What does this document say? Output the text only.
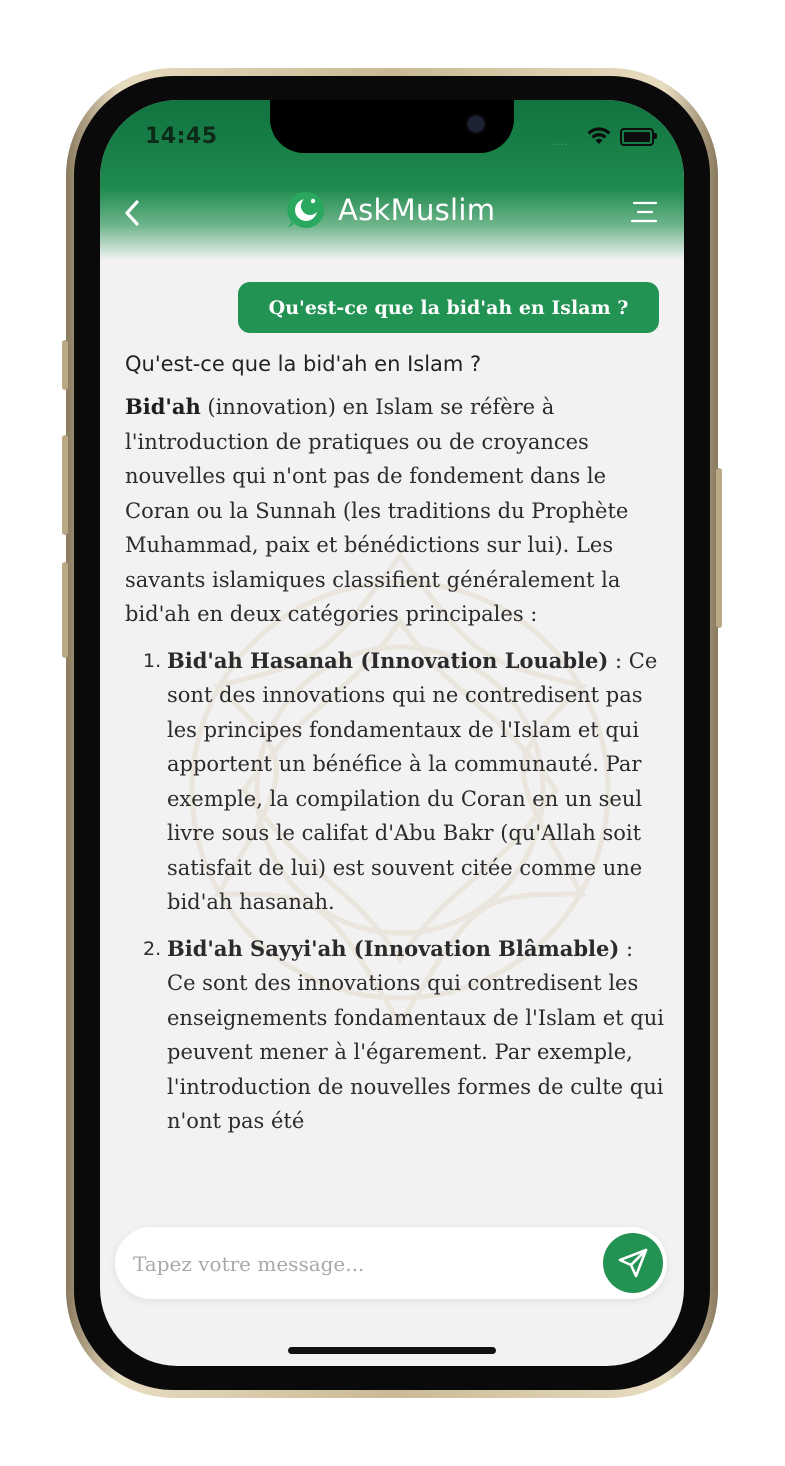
14:45	····
AskMuslim
Qu'est-ce que la bid'ah en Islam ?

Qu'est-ce que la bid'ah en Islam ?

Bid'ah (innovation) en Islam se réfère à l'introduction de pratiques ou de croyances nouvelles qui n'ont pas de fondement dans le Coran ou la Sunnah (les traditions du Prophète Muhammad, paix et bénédictions sur lui). Les savants islamiques classifient généralement la bid'ah en deux catégories principales :

1. Bid'ah Hasanah (Innovation Louable) : Ce sont des innovations qui ne contredisent pas les principes fondamentaux de l'Islam et qui apportent un bénéfice à la communauté. Par exemple, la compilation du Coran en un seul livre sous le califat d'Abu Bakr (qu'Allah soit satisfait de lui) est souvent citée comme une bid'ah hasanah.
2. Bid'ah Sayyi'ah (Innovation Blâmable) : Ce sont des innovations qui contredisent les enseignements fondamentaux de l'Islam et qui peuvent mener à l'égarement. Par exemple, l'introduction de nouvelles formes de culte qui n'ont pas été
Tapez votre message...
